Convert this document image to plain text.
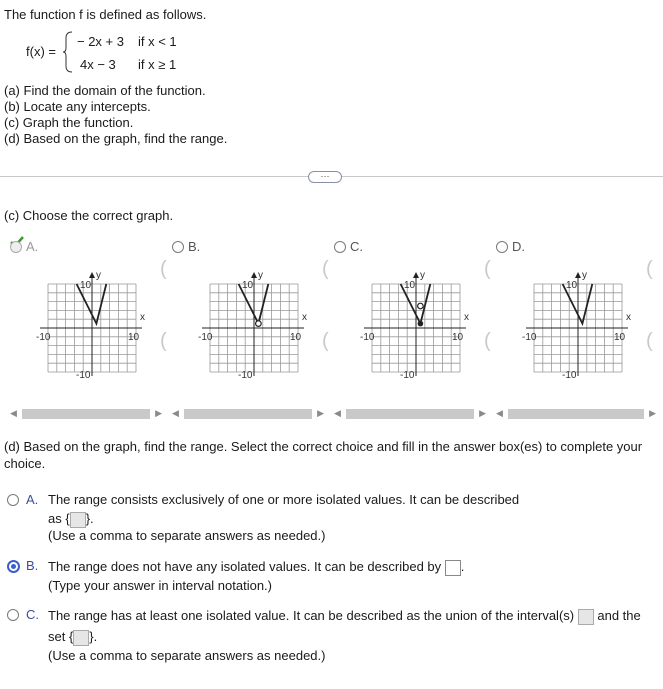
The function f is defined as follows.
f(x) =
− 2x + 3 if x < 1
4x − 3 if x ≥ 1
(a) Find the domain of the function.
(b) Locate any intercepts.
(c) Graph the function.
(d) Based on the graph, find the range.
···
(c) Choose the correct graph.
A.
y
x
-10	10
-10
10
B.
y
x
-10	10
-10
10
C.
y
x
-10	10
-10
10
D.
y
x
-10	10
-10
10
(
(
(
(
(
(
(
(
◀	▶ ◀	▶ ◀	▶ ◀	▶
(d) Based on the graph, find the range. Select the correct choice and fill in the answer box(es) to complete your choice.
A. The range consists exclusively of one or more isolated values. It can be described
as { }.
(Use a comma to separate answers as needed.)
B. The range does not have any isolated values. It can be described by .
(Type your answer in interval notation.)
C. The range has at least one isolated value. It can be described as the union of the interval(s) and the
set { }.
(Use a comma to separate answers as needed.)
